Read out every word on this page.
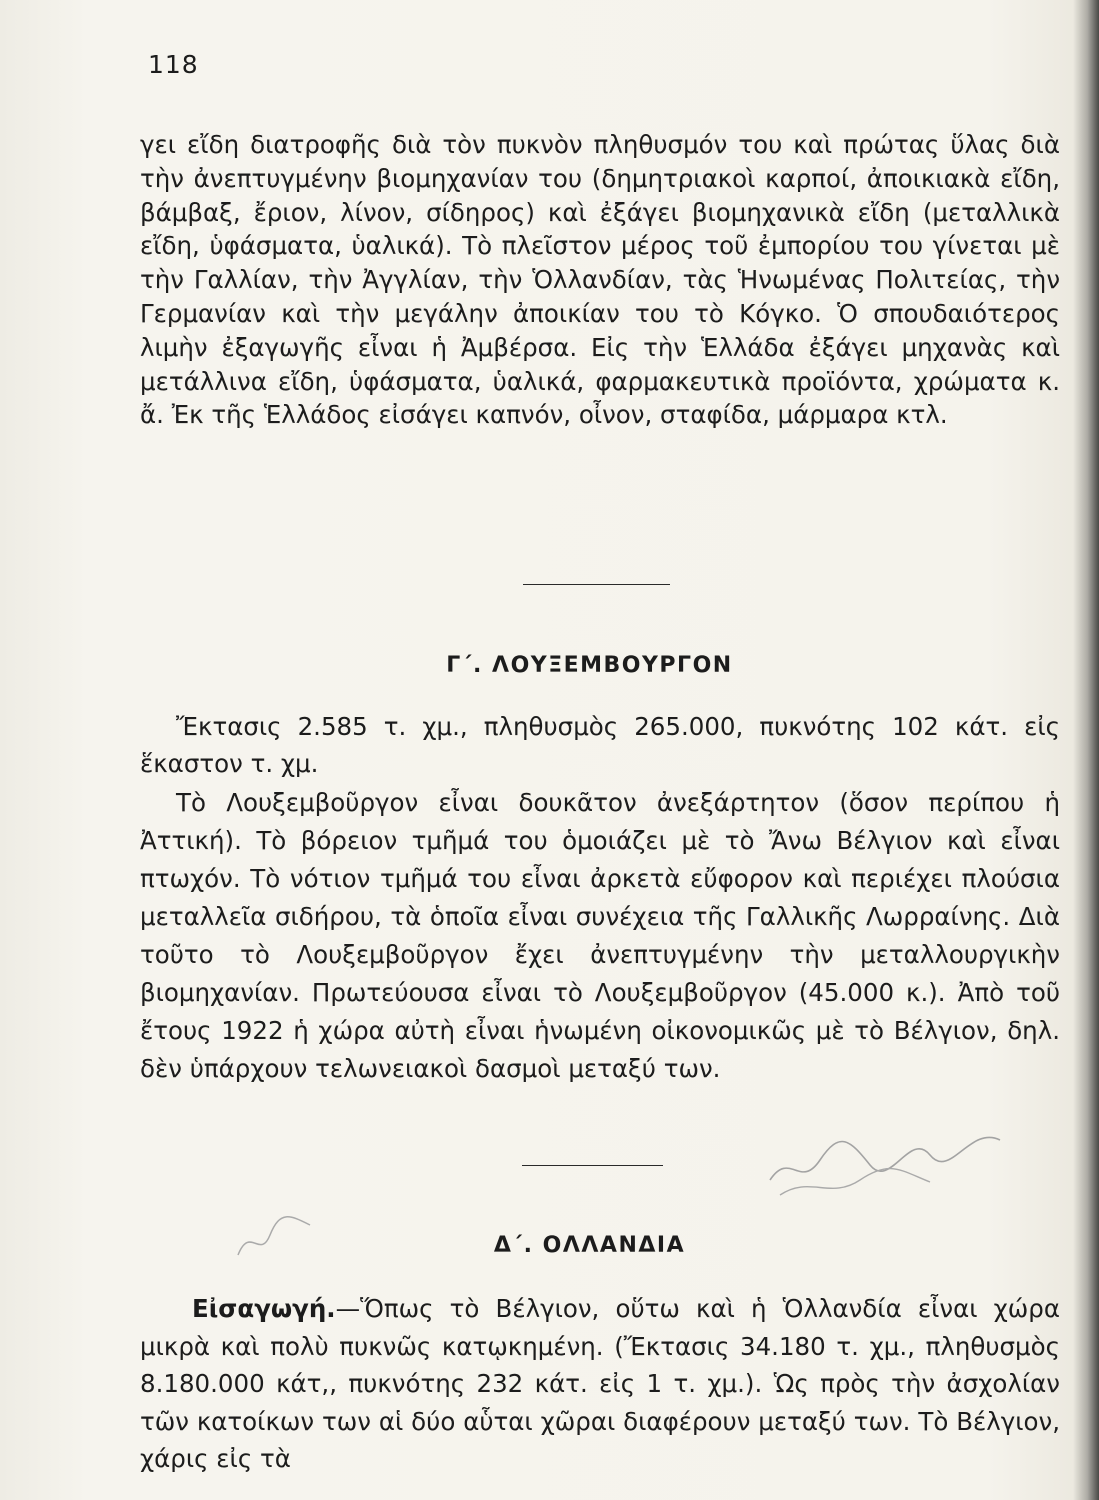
118

γει εἴδη διατροφῆς διὰ τὸν πυκνὸν πληθυσμόν του καὶ πρώτας ὕλας διὰ τὴν ἀνεπτυγμένην βιομηχανίαν του (δημητριακοὶ καρποί, ἀποικιακὰ εἴδη, βάμβαξ, ἔριον, λίνον, σίδηρος) καὶ ἐξάγει βιομηχανικὰ εἴδη (μεταλλικὰ εἴδη, ὑφάσματα, ὑαλικά). Τὸ πλεῖστον μέρος τοῦ ἐμπορίου του γίνεται μὲ τὴν Γαλλίαν, τὴν Ἀγγλίαν, τὴν Ὁλλανδίαν, τὰς Ἡνωμένας Πολιτείας, τὴν Γερμανίαν καὶ τὴν μεγάλην ἀποικίαν του τὸ Κόγκο. Ὁ σπουδαιότερος λιμὴν ἐξαγωγῆς εἶναι ἡ Ἀμβέρσα. Εἰς τὴν Ἑλλάδα ἐξάγει μηχανὰς καὶ μετάλλινα εἴδη, ὑφάσματα, ὑαλικά, φαρμακευτικὰ προϊόντα, χρώματα κ. ἄ. Ἐκ τῆς Ἑλλάδος εἰσάγει καπνόν, οἶνον, σταφίδα, μάρμαρα κτλ.

Γ΄. ΛΟΥΞΕΜΒΟΥΡΓΟΝ

Ἔκτασις 2.585 τ. χμ., πληθυσμὸς 265.000, πυκνότης 102 κάτ. εἰς ἕκαστον τ. χμ.

Τὸ Λουξεμβοῦργον εἶναι δουκᾶτον ἀνεξάρτητον (ὅσον περίπου ἡ Ἀττική). Τὸ βόρειον τμῆμά του ὁμοιάζει μὲ τὸ Ἄνω Βέλγιον καὶ εἶναι πτωχόν. Τὸ νότιον τμῆμά του εἶναι ἀρκετὰ εὔφορον καὶ περιέχει πλούσια μεταλλεῖα σιδήρου, τὰ ὁποῖα εἶναι συνέχεια τῆς Γαλλικῆς Λωρραίνης. Διὰ τοῦτο τὸ Λουξεμβοῦργον ἔχει ἀνεπτυγμένην τὴν μεταλλουργικὴν βιομηχανίαν. Πρωτεύουσα εἶναι τὸ Λουξεμβοῦργον (45.000 κ.). Ἀπὸ τοῦ ἔτους 1922 ἡ χώρα αὐτὴ εἶναι ἡνωμένη οἰκονομικῶς μὲ τὸ Βέλγιον, δηλ. δὲν ὑπάρχουν τελωνειακοὶ δασμοὶ μεταξύ των.

Δ΄. ΟΛΛΑΝΔΙΑ

Εἰσαγωγή.—Ὅπως τὸ Βέλγιον, οὕτω καὶ ἡ Ὁλλανδία εἶναι χώρα μικρὰ καὶ πολὺ πυκνῶς κατῳκημένη. (Ἔκτασις 34.180 τ. χμ., πληθυσμὸς 8.180.000 κάτ,, πυκνότης 232 κάτ. εἰς 1 τ. χμ.). Ὡς πρὸς τὴν ἀσχολίαν τῶν κατοίκων των αἱ δύο αὗται χῶραι διαφέρουν μεταξύ των. Τὸ Βέλγιον, χάρις εἰς τὰ
